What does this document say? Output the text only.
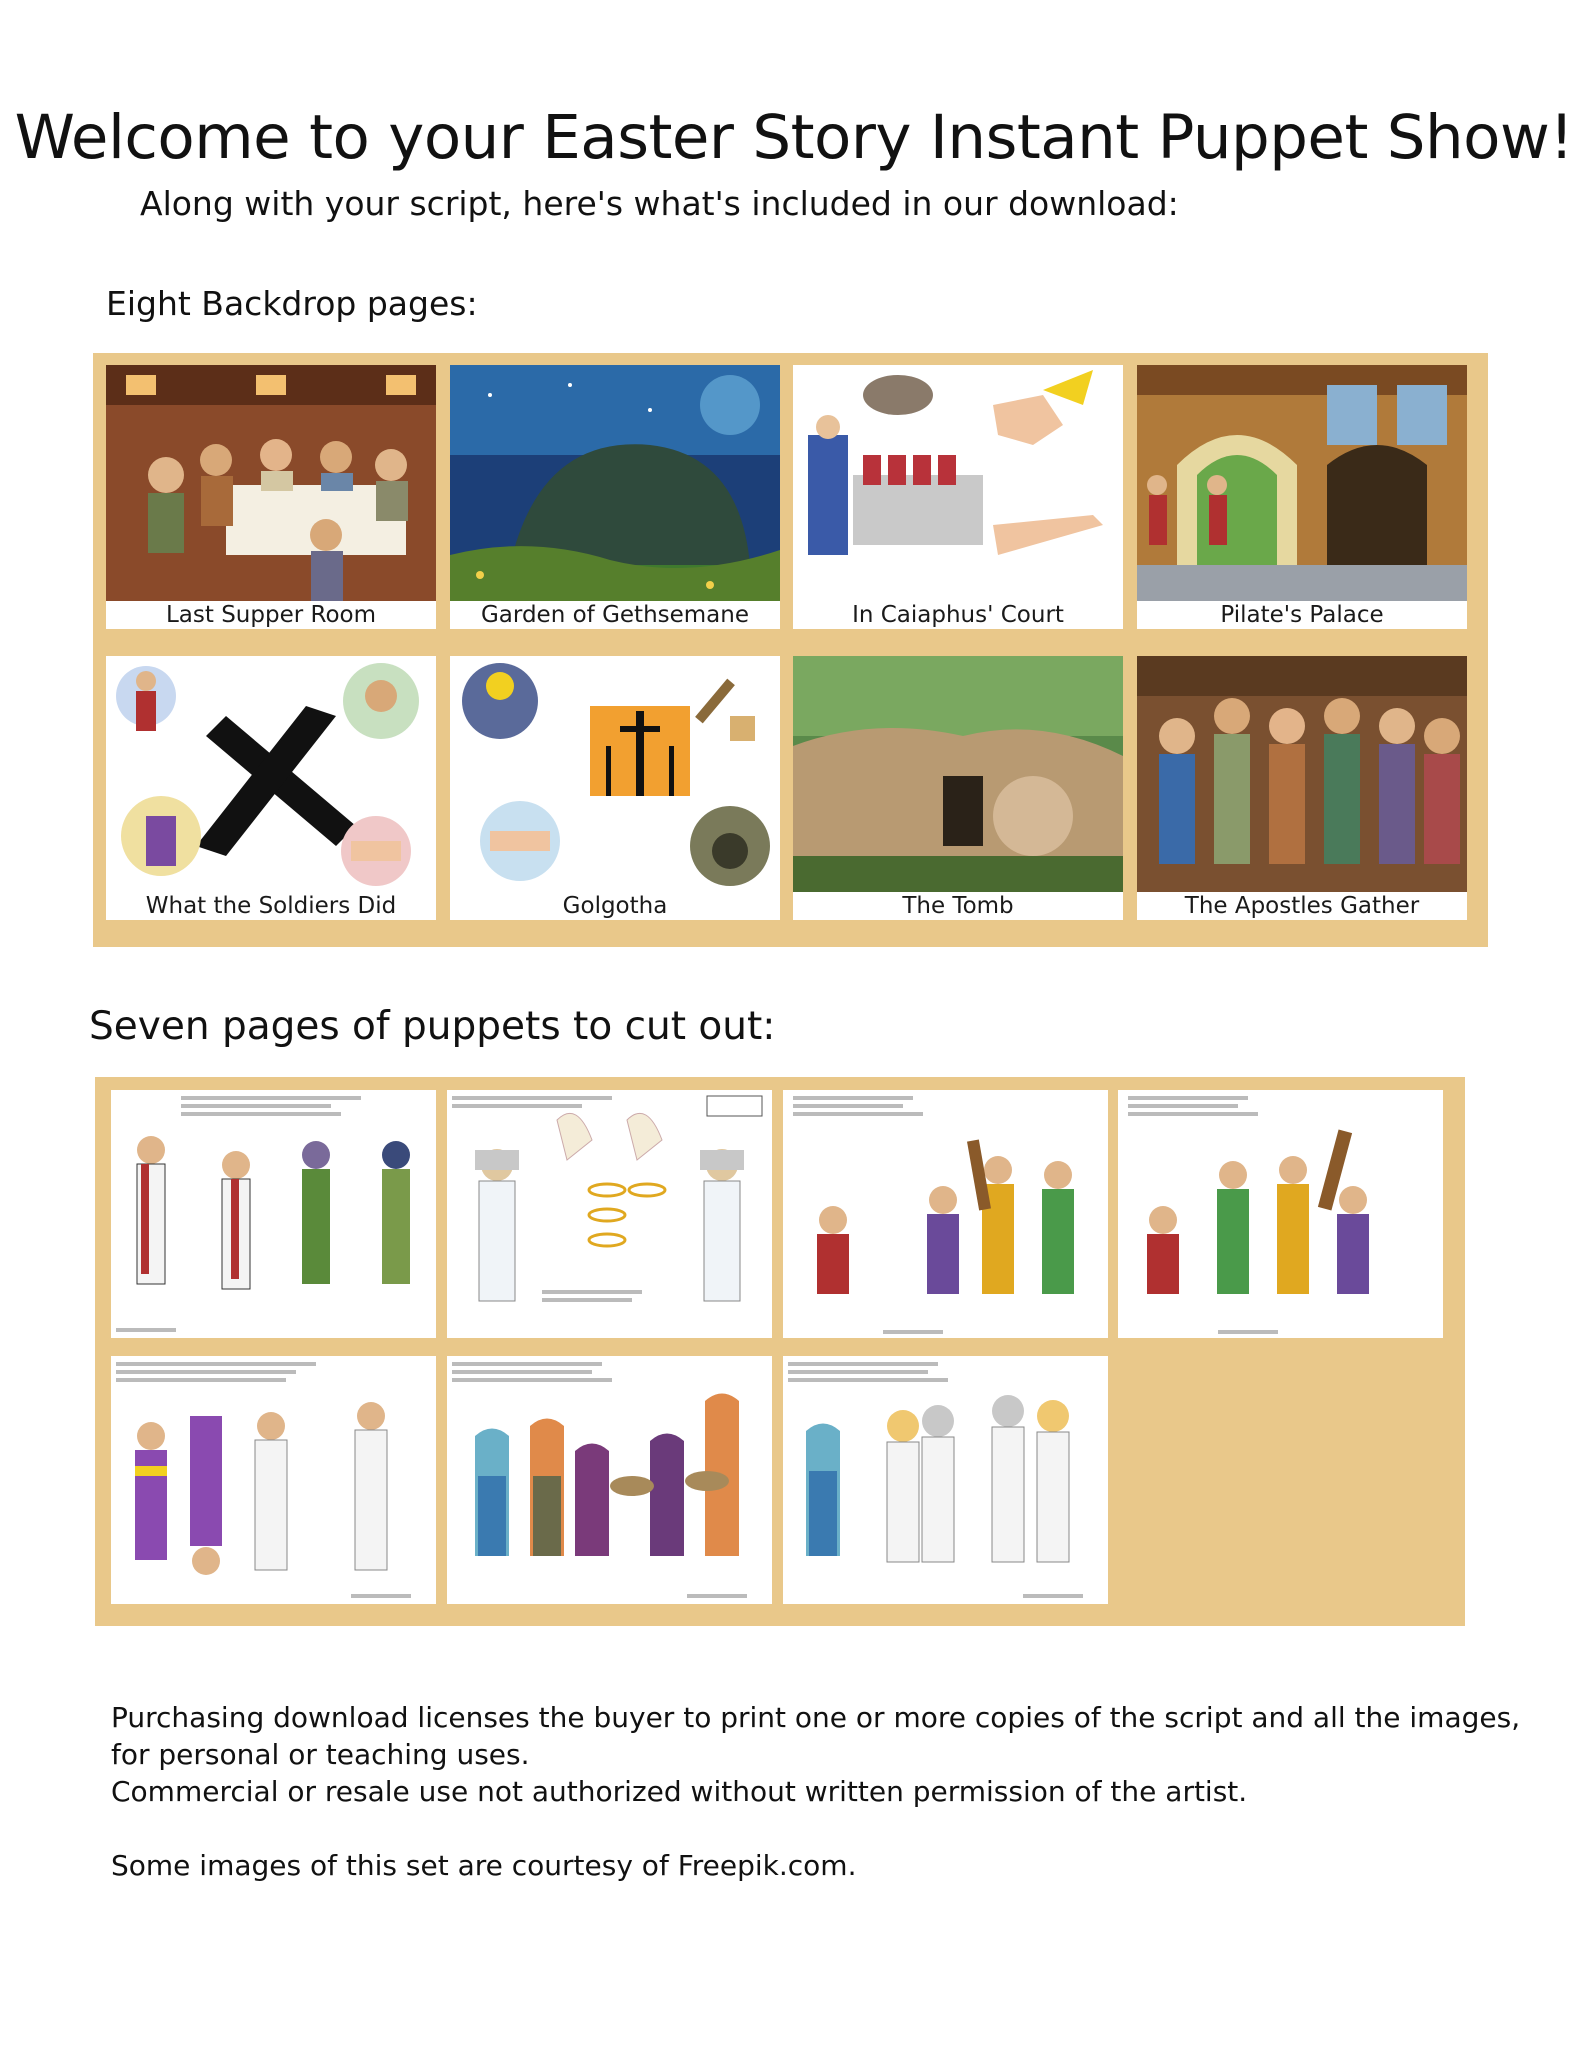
Welcome to your Easter Story Instant Puppet Show!
Along with your script, here's what's included in our download:
Eight Backdrop pages:
Last Supper Room	Garden of Gethsemane	In Caiaphus' Court	Pilate's Palace
What the Soldiers Did	Golgotha	The Tomb	The Apostles Gather
Seven pages of puppets to cut out:
Purchasing download licenses the buyer to print one or more copies of the script and all the images,
for personal or teaching uses.
Commercial or resale use not authorized without written permission of the artist.
Some images of this set are courtesy of Freepik.com.
